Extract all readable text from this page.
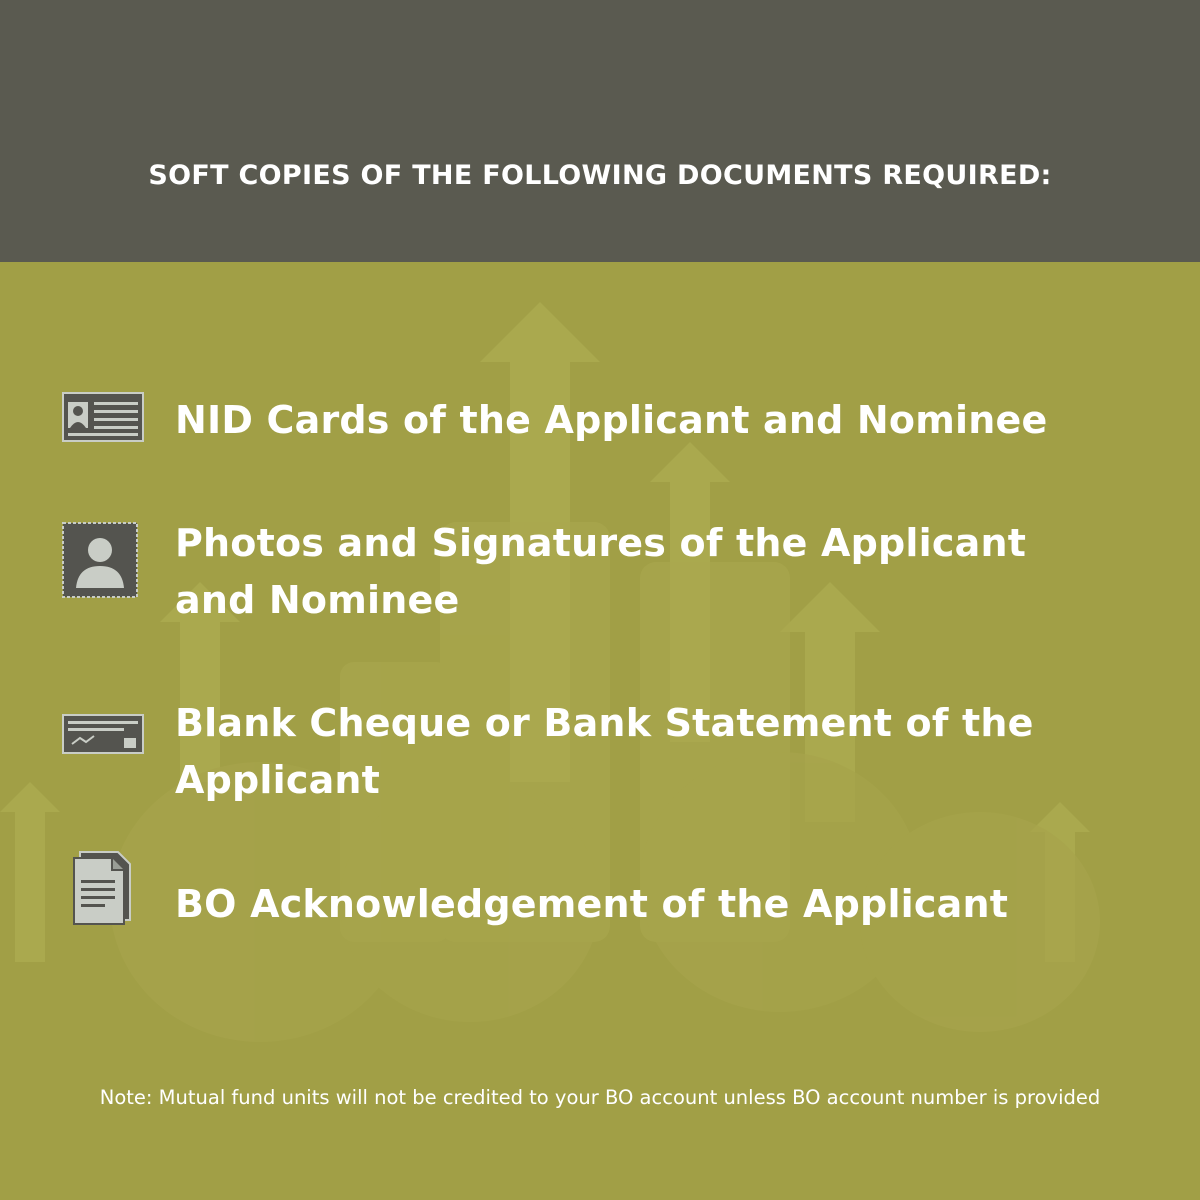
SOFT COPIES OF THE FOLLOWING DOCUMENTS REQUIRED:
NID Cards of the Applicant and Nominee
Photos and Signatures of the Applicant and Nominee
Blank Cheque or Bank Statement of the Applicant
BO Acknowledgement of the Applicant
Note: Mutual fund units will not be credited to your BO account unless BO account number is provided
